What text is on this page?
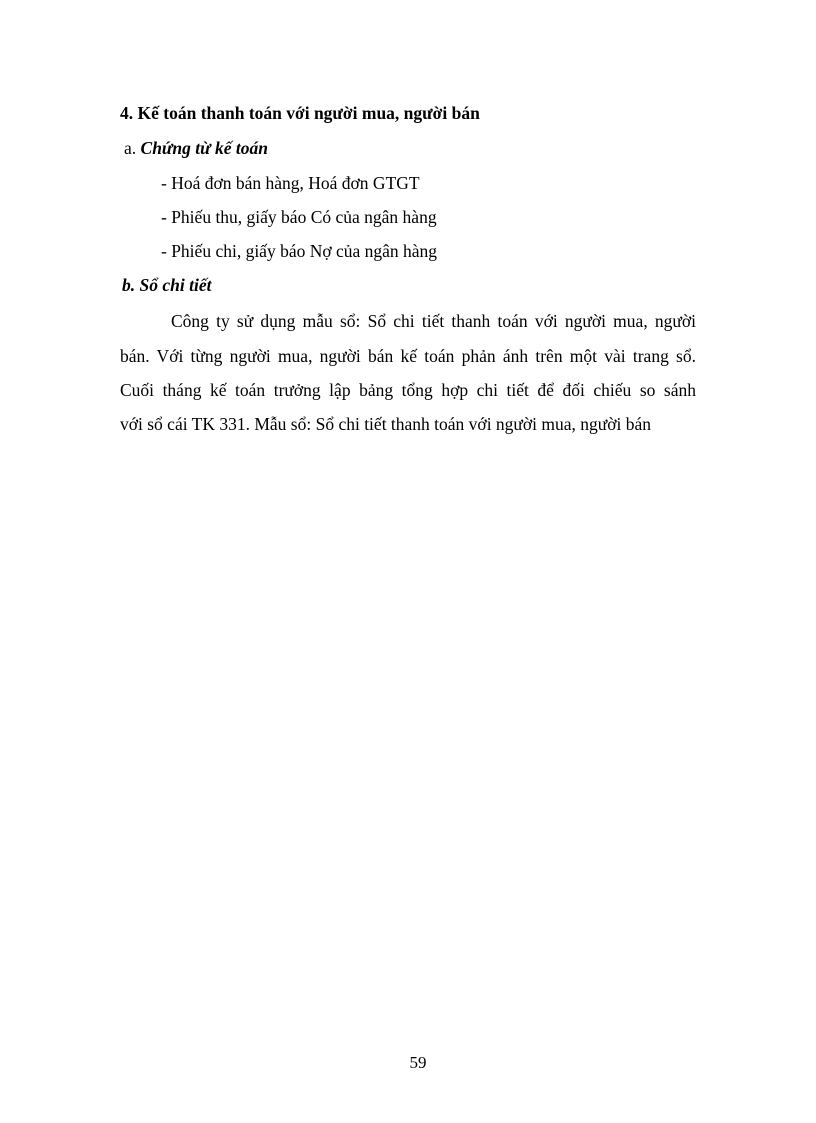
4. Kế toán thanh toán với người mua, người bán
a. Chứng từ kế toán
- Hoá đơn bán hàng, Hoá đơn GTGT
- Phiếu thu, giấy báo Có của ngân hàng
- Phiếu chi, giấy báo Nợ của ngân hàng
b. Sổ chi tiết
Công ty sử dụng mẫu sổ: Sổ chi tiết thanh toán với người mua, người
bán. Với từng người mua, người bán kế toán phản ánh trên một vài trang sổ.
Cuối tháng kế toán trưởng lập bảng tổng hợp chi tiết để đối chiếu so sánh
với sổ cái TK 331. Mẫu sổ: Sổ chi tiết thanh toán với người mua, người bán
59
